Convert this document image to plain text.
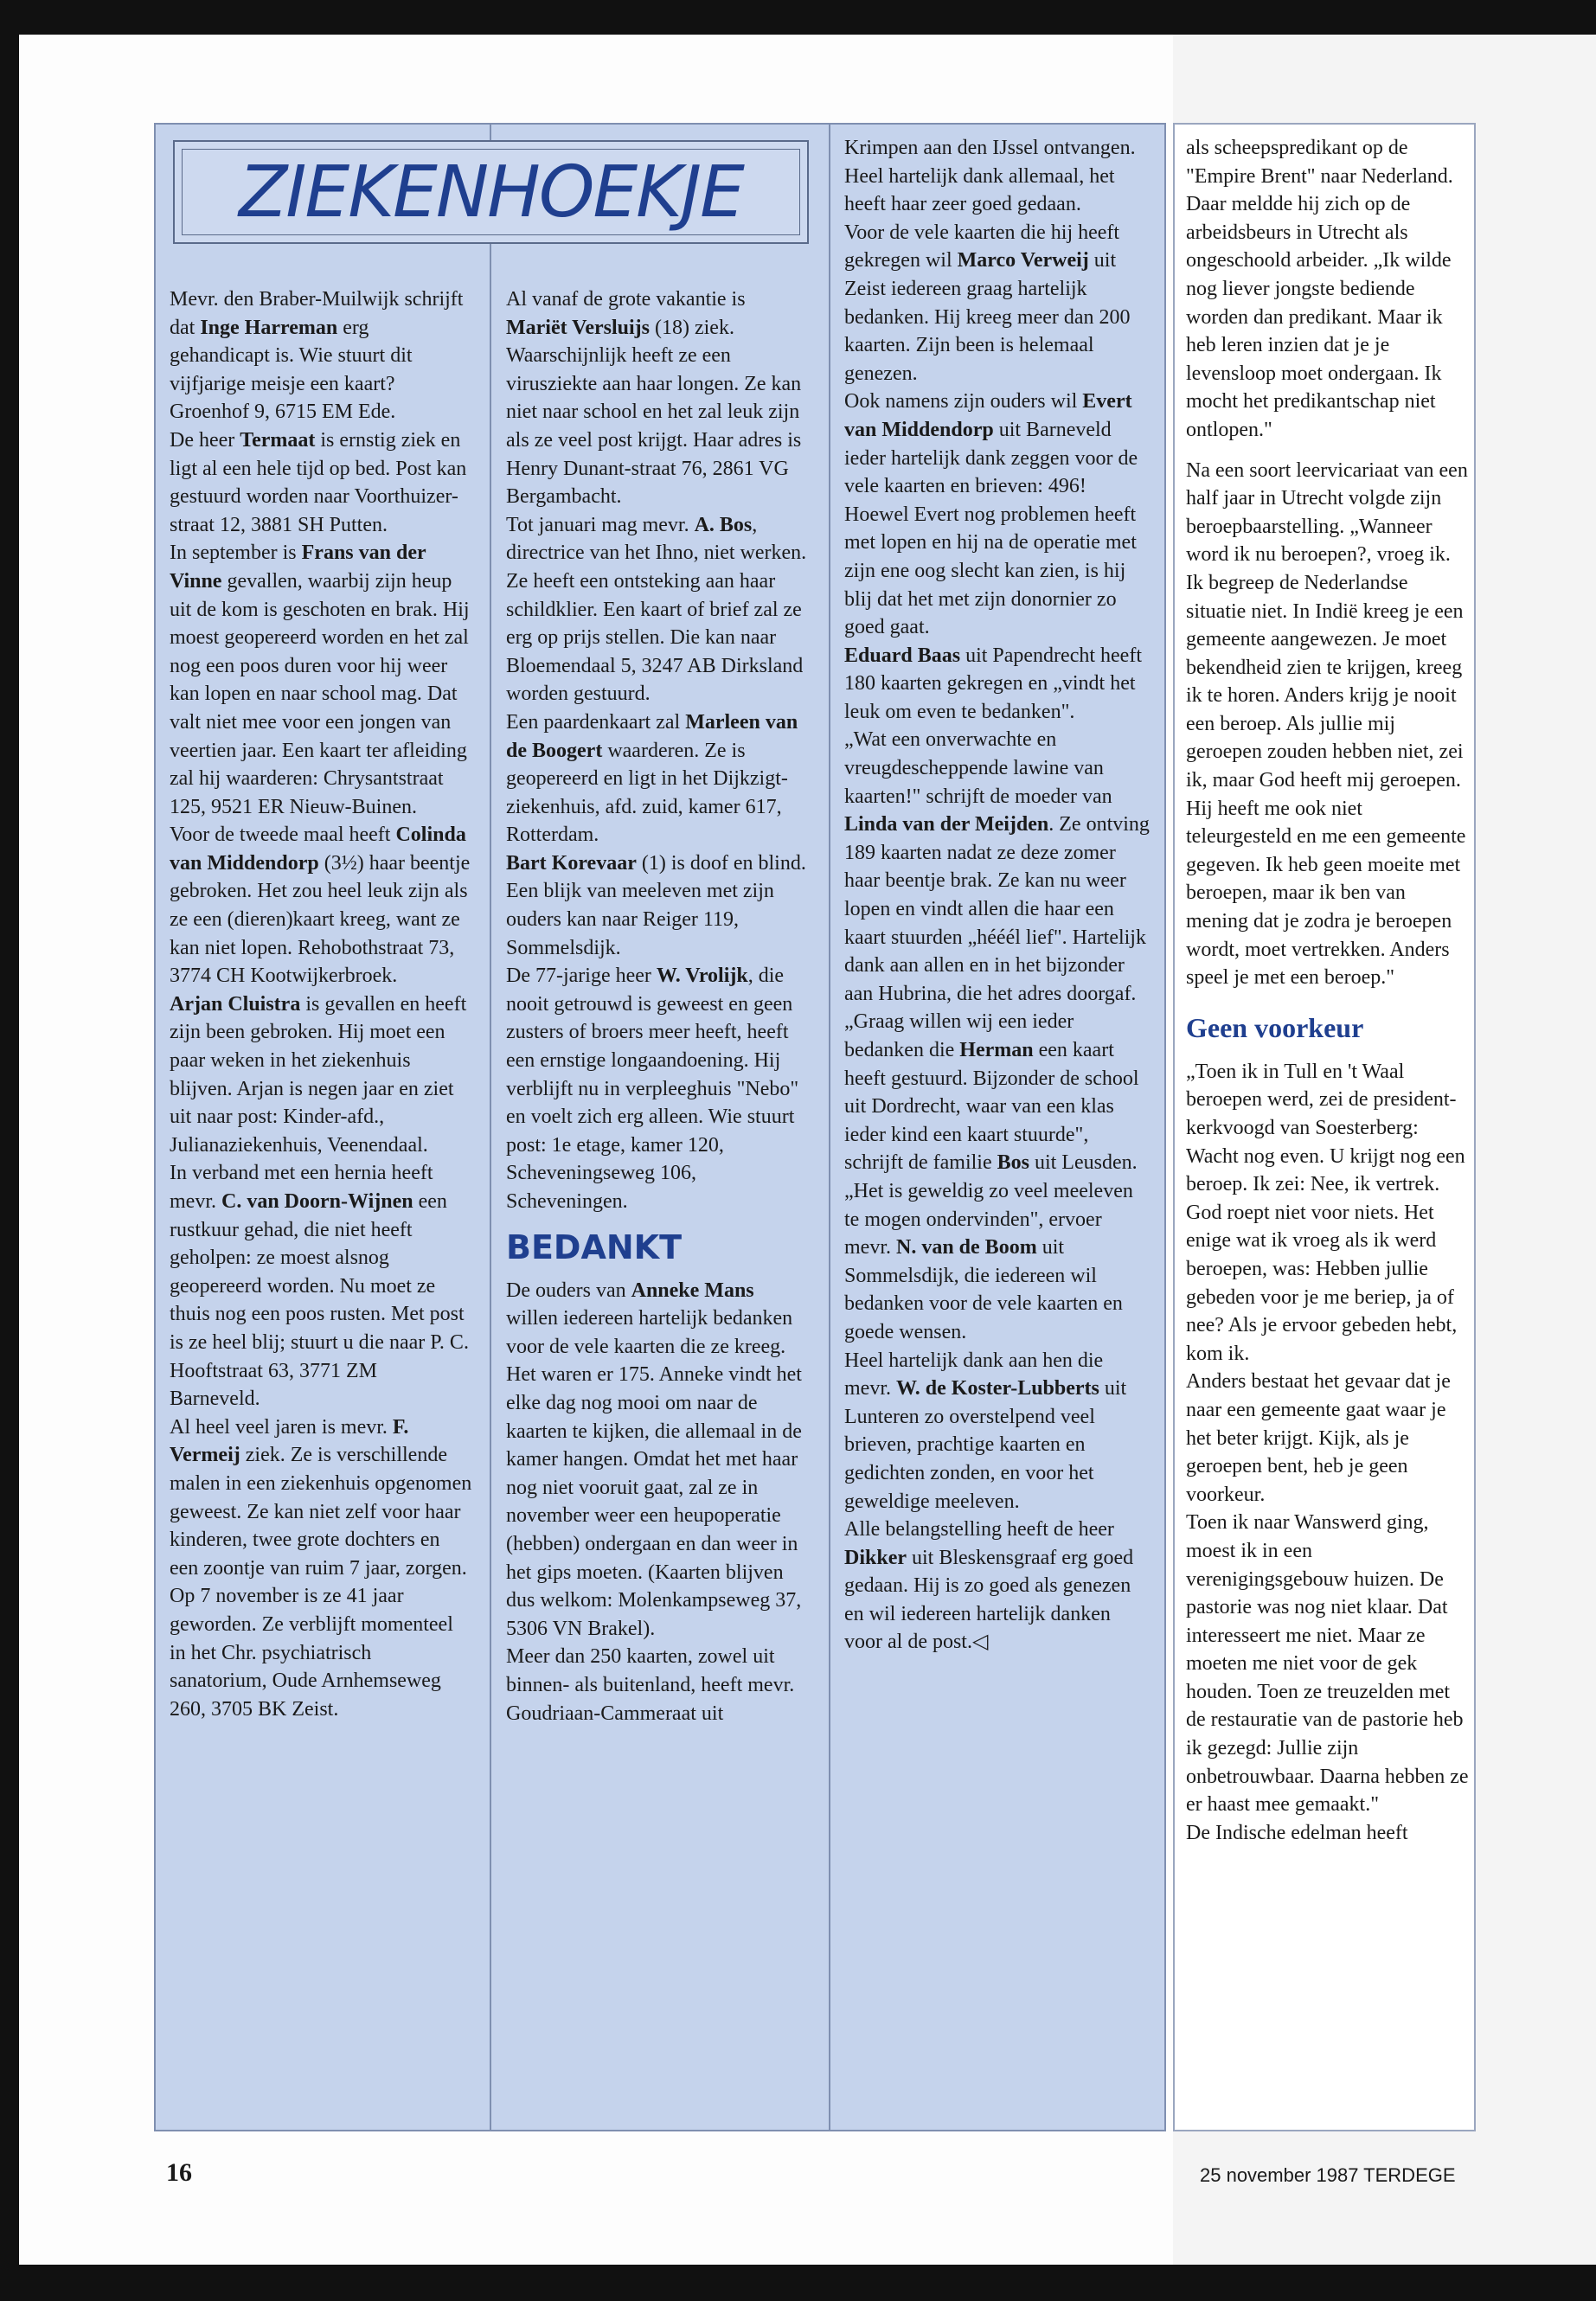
ZIEKENHOEKJE

Mevr. den Braber-Muilwijk schrijft dat Inge Harreman erg gehandicapt is. Wie stuurt dit vijfjarige meisje een kaart? Groenhof 9, 6715 EM Ede.

De heer Termaat is ernstig ziek en ligt al een hele tijd op bed. Post kan gestuurd worden naar Voorthuizer-straat 12, 3881 SH Putten.

In september is Frans van der Vinne gevallen, waarbij zijn heup uit de kom is geschoten en brak. Hij moest geopereerd worden en het zal nog een poos duren voor hij weer kan lopen en naar school mag. Dat valt niet mee voor een jongen van veertien jaar. Een kaart ter afleiding zal hij waarderen: Chrysantstraat 125, 9521 ER Nieuw-Buinen.

Voor de tweede maal heeft Colinda van Middendorp (3½) haar beentje gebroken. Het zou heel leuk zijn als ze een (dieren)kaart kreeg, want ze kan niet lopen. Rehobothstraat 73, 3774 CH Kootwijkerbroek.

Arjan Cluistra is gevallen en heeft zijn been gebroken. Hij moet een paar weken in het ziekenhuis blijven. Arjan is negen jaar en ziet uit naar post: Kinder-afd., Julianaziekenhuis, Veenendaal.

In verband met een hernia heeft mevr. C. van Doorn-Wijnen een rustkuur gehad, die niet heeft geholpen: ze moest alsnog geopereerd worden. Nu moet ze thuis nog een poos rusten. Met post is ze heel blij; stuurt u die naar P. C. Hooftstraat 63, 3771 ZM Barneveld.

Al heel veel jaren is mevr. F. Vermeij ziek. Ze is verschillende malen in een ziekenhuis opgenomen geweest. Ze kan niet zelf voor haar kinderen, twee grote dochters en een zoontje van ruim 7 jaar, zorgen. Op 7 november is ze 41 jaar geworden. Ze verblijft momenteel in het Chr. psychiatrisch sanatorium, Oude Arnhemseweg 260, 3705 BK Zeist.

Al vanaf de grote vakantie is Mariët Versluijs (18) ziek. Waarschijnlijk heeft ze een virusziekte aan haar longen. Ze kan niet naar school en het zal leuk zijn als ze veel post krijgt. Haar adres is Henry Dunant-straat 76, 2861 VG Bergambacht.

Tot januari mag mevr. A. Bos, directrice van het Ihno, niet werken. Ze heeft een ontsteking aan haar schildklier. Een kaart of brief zal ze erg op prijs stellen. Die kan naar Bloemendaal 5, 3247 AB Dirksland worden gestuurd.

Een paardenkaart zal Marleen van de Boogert waarderen. Ze is geopereerd en ligt in het Dijkzigt-ziekenhuis, afd. zuid, kamer 617, Rotterdam.

Bart Korevaar (1) is doof en blind. Een blijk van meeleven met zijn ouders kan naar Reiger 119, Sommelsdijk.

De 77-jarige heer W. Vrolijk, die nooit getrouwd is geweest en geen zusters of broers meer heeft, heeft een ernstige longaandoening. Hij verblijft nu in verpleeghuis "Nebo" en voelt zich erg alleen. Wie stuurt post: 1e etage, kamer 120, Scheveningseweg 106, Scheveningen.

BEDANKT

De ouders van Anneke Mans willen iedereen hartelijk bedanken voor de vele kaarten die ze kreeg. Het waren er 175. Anneke vindt het elke dag nog mooi om naar de kaarten te kijken, die allemaal in de kamer hangen. Omdat het met haar nog niet vooruit gaat, zal ze in november weer een heupoperatie (hebben) ondergaan en dan weer in het gips moeten. (Kaarten blijven dus welkom: Molenkampseweg 37, 5306 VN Brakel).

Meer dan 250 kaarten, zowel uit binnen- als buitenland, heeft mevr. Goudriaan-Cammeraat uit

Krimpen aan den IJssel ontvangen. Heel hartelijk dank allemaal, het heeft haar zeer goed gedaan.

Voor de vele kaarten die hij heeft gekregen wil Marco Verweij uit Zeist iedereen graag hartelijk bedanken. Hij kreeg meer dan 200 kaarten. Zijn been is helemaal genezen.

Ook namens zijn ouders wil Evert van Middendorp uit Barneveld ieder hartelijk dank zeggen voor de vele kaarten en brieven: 496! Hoewel Evert nog problemen heeft met lopen en hij na de operatie met zijn ene oog slecht kan zien, is hij blij dat het met zijn donornier zo goed gaat.

Eduard Baas uit Papendrecht heeft 180 kaarten gekregen en „vindt het leuk om even te bedanken".

„Wat een onverwachte en vreugdescheppende lawine van kaarten!" schrijft de moeder van Linda van der Meijden. Ze ontving 189 kaarten nadat ze deze zomer haar beentje brak. Ze kan nu weer lopen en vindt allen die haar een kaart stuurden „hééél lief". Hartelijk dank aan allen en in het bijzonder aan Hubrina, die het adres doorgaf.

„Graag willen wij een ieder bedanken die Herman een kaart heeft gestuurd. Bijzonder de school uit Dordrecht, waar van een klas ieder kind een kaart stuurde", schrijft de familie Bos uit Leusden.

„Het is geweldig zo veel meeleven te mogen ondervinden", ervoer mevr. N. van de Boom uit Sommelsdijk, die iedereen wil bedanken voor de vele kaarten en goede wensen.

Heel hartelijk dank aan hen die mevr. W. de Koster-Lubberts uit Lunteren zo overstelpend veel brieven, prachtige kaarten en gedichten zonden, en voor het geweldige meeleven.

Alle belangstelling heeft de heer Dikker uit Bleskensgraaf erg goed gedaan. Hij is zo goed als genezen en wil iedereen hartelijk danken voor al de post.◁

als scheepspredikant op de "Empire Brent" naar Nederland. Daar meldde hij zich op de arbeidsbeurs in Utrecht als ongeschoold arbeider. „Ik wilde nog liever jongste bediende worden dan predikant. Maar ik heb leren inzien dat je je levensloop moet ondergaan. Ik mocht het predikantschap niet ontlopen."

Na een soort leervicariaat van een half jaar in Utrecht volgde zijn beroepbaarstelling. „Wanneer word ik nu beroepen?, vroeg ik. Ik begreep de Nederlandse situatie niet. In Indië kreeg je een gemeente aangewezen. Je moet bekendheid zien te krijgen, kreeg ik te horen. Anders krijg je nooit een beroep. Als jullie mij geroepen zouden hebben niet, zei ik, maar God heeft mij geroepen. Hij heeft me ook niet teleurgesteld en me een gemeente gegeven. Ik heb geen moeite met beroepen, maar ik ben van mening dat je zodra je beroepen wordt, moet vertrekken. Anders speel je met een beroep."

Geen voorkeur

„Toen ik in Tull en 't Waal beroepen werd, zei de president-kerkvoogd van Soesterberg: Wacht nog even. U krijgt nog een beroep. Ik zei: Nee, ik vertrek. God roept niet voor niets. Het enige wat ik vroeg als ik werd beroepen, was: Hebben jullie gebeden voor je me beriep, ja of nee? Als je ervoor gebeden hebt, kom ik.

Anders bestaat het gevaar dat je naar een gemeente gaat waar je het beter krijgt. Kijk, als je geroepen bent, heb je geen voorkeur.

Toen ik naar Wanswerd ging, moest ik in een verenigingsgebouw huizen. De pastorie was nog niet klaar. Dat interesseert me niet. Maar ze moeten me niet voor de gek houden. Toen ze treuzelden met de restauratie van de pastorie heb ik gezegd: Jullie zijn onbetrouwbaar. Daarna hebben ze er haast mee gemaakt."

De Indische edelman heeft

16	25 november 1987 TERDEGE
